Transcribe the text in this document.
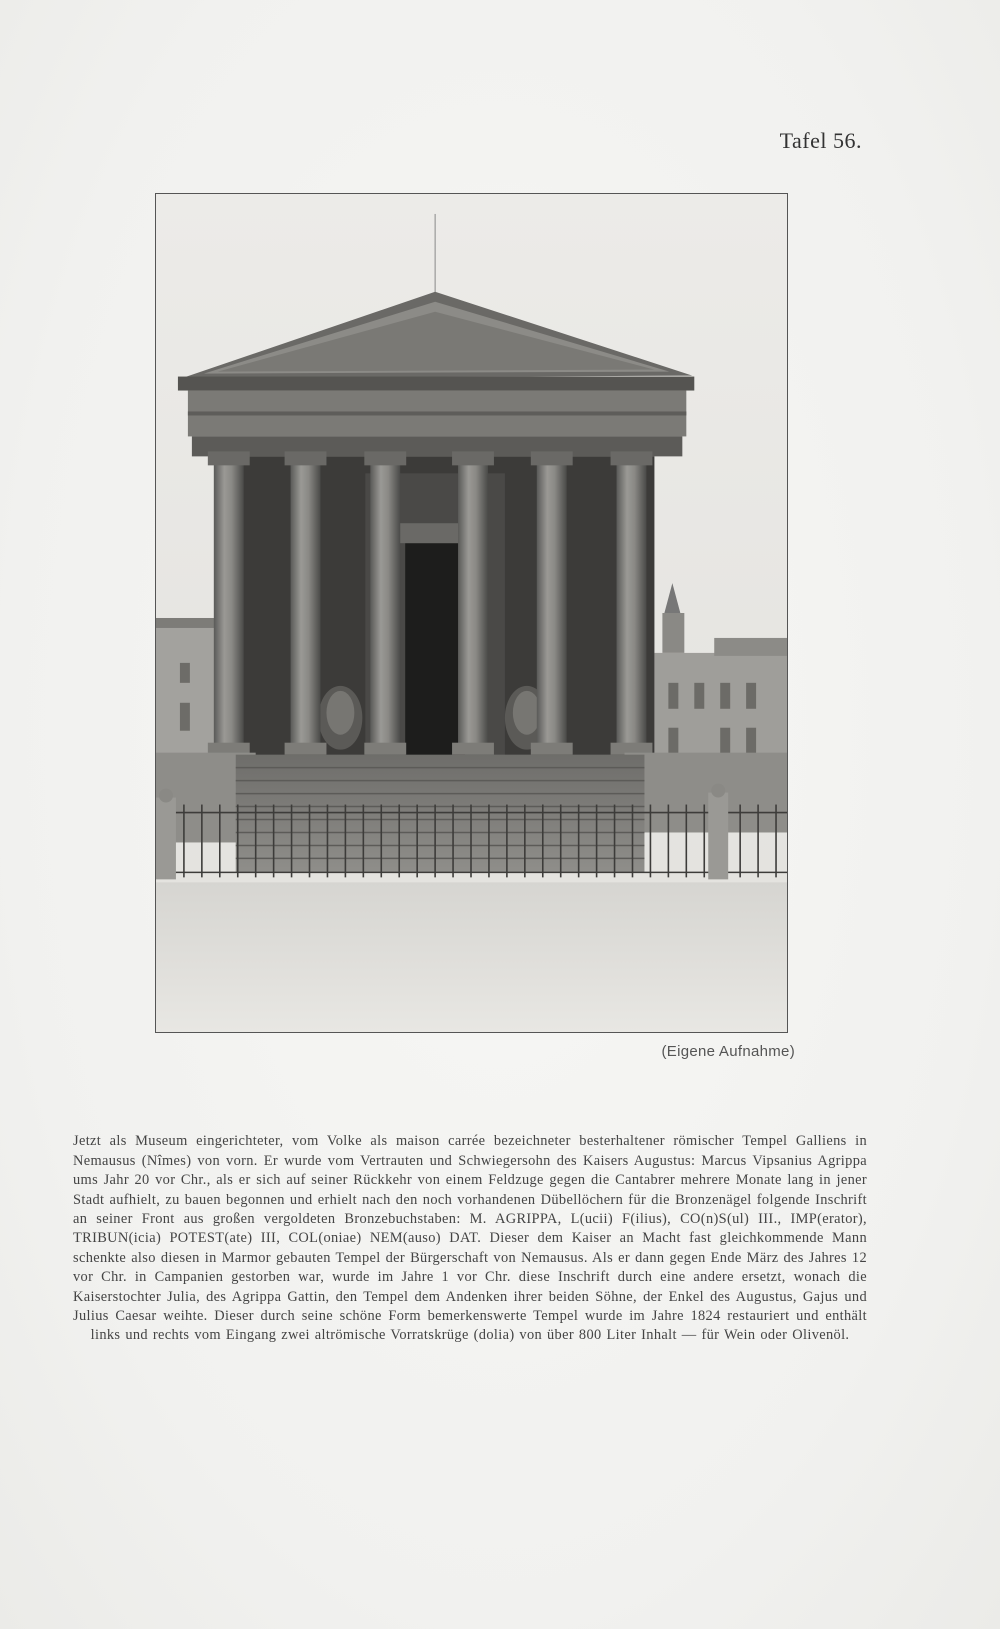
Tafel 56.
(Eigene Aufnahme)

Jetzt als Museum eingerichteter, vom Volke als maison carrée bezeichneter besterhaltener römischer Tempel Galliens in Nemausus (Nîmes) von vorn. Er wurde vom Vertrauten und Schwiegersohn des Kaisers Augustus: Marcus Vipsanius Agrippa ums Jahr 20 vor Chr., als er sich auf seiner Rückkehr von einem Feldzuge gegen die Cantabrer mehrere Monate lang in jener Stadt aufhielt, zu bauen begonnen und erhielt nach den noch vorhandenen Dübellöchern für die Bronzenägel folgende Inschrift an seiner Front aus großen vergoldeten Bronzebuchstaben: M. AGRIPPA, L(ucii) F(ilius), CO(n)S(ul) III., IMP(erator), TRIBUN(icia) POTEST(ate) III, COL(oniae) NEM(auso) DAT. Dieser dem Kaiser an Macht fast gleichkommende Mann schenkte also diesen in Marmor gebauten Tempel der Bürgerschaft von Nemausus. Als er dann gegen Ende März des Jahres 12 vor Chr. in Campanien gestorben war, wurde im Jahre 1 vor Chr. diese Inschrift durch eine andere ersetzt, wonach die Kaiserstochter Julia, des Agrippa Gattin, den Tempel dem Andenken ihrer beiden Söhne, der Enkel des Augustus, Gajus und Julius Caesar weihte. Dieser durch seine schöne Form bemerkenswerte Tempel wurde im Jahre 1824 restauriert und enthält links und rechts vom Eingang zwei altrömische Vorratskrüge (dolia) von über 800 Liter Inhalt — für Wein oder Olivenöl.
